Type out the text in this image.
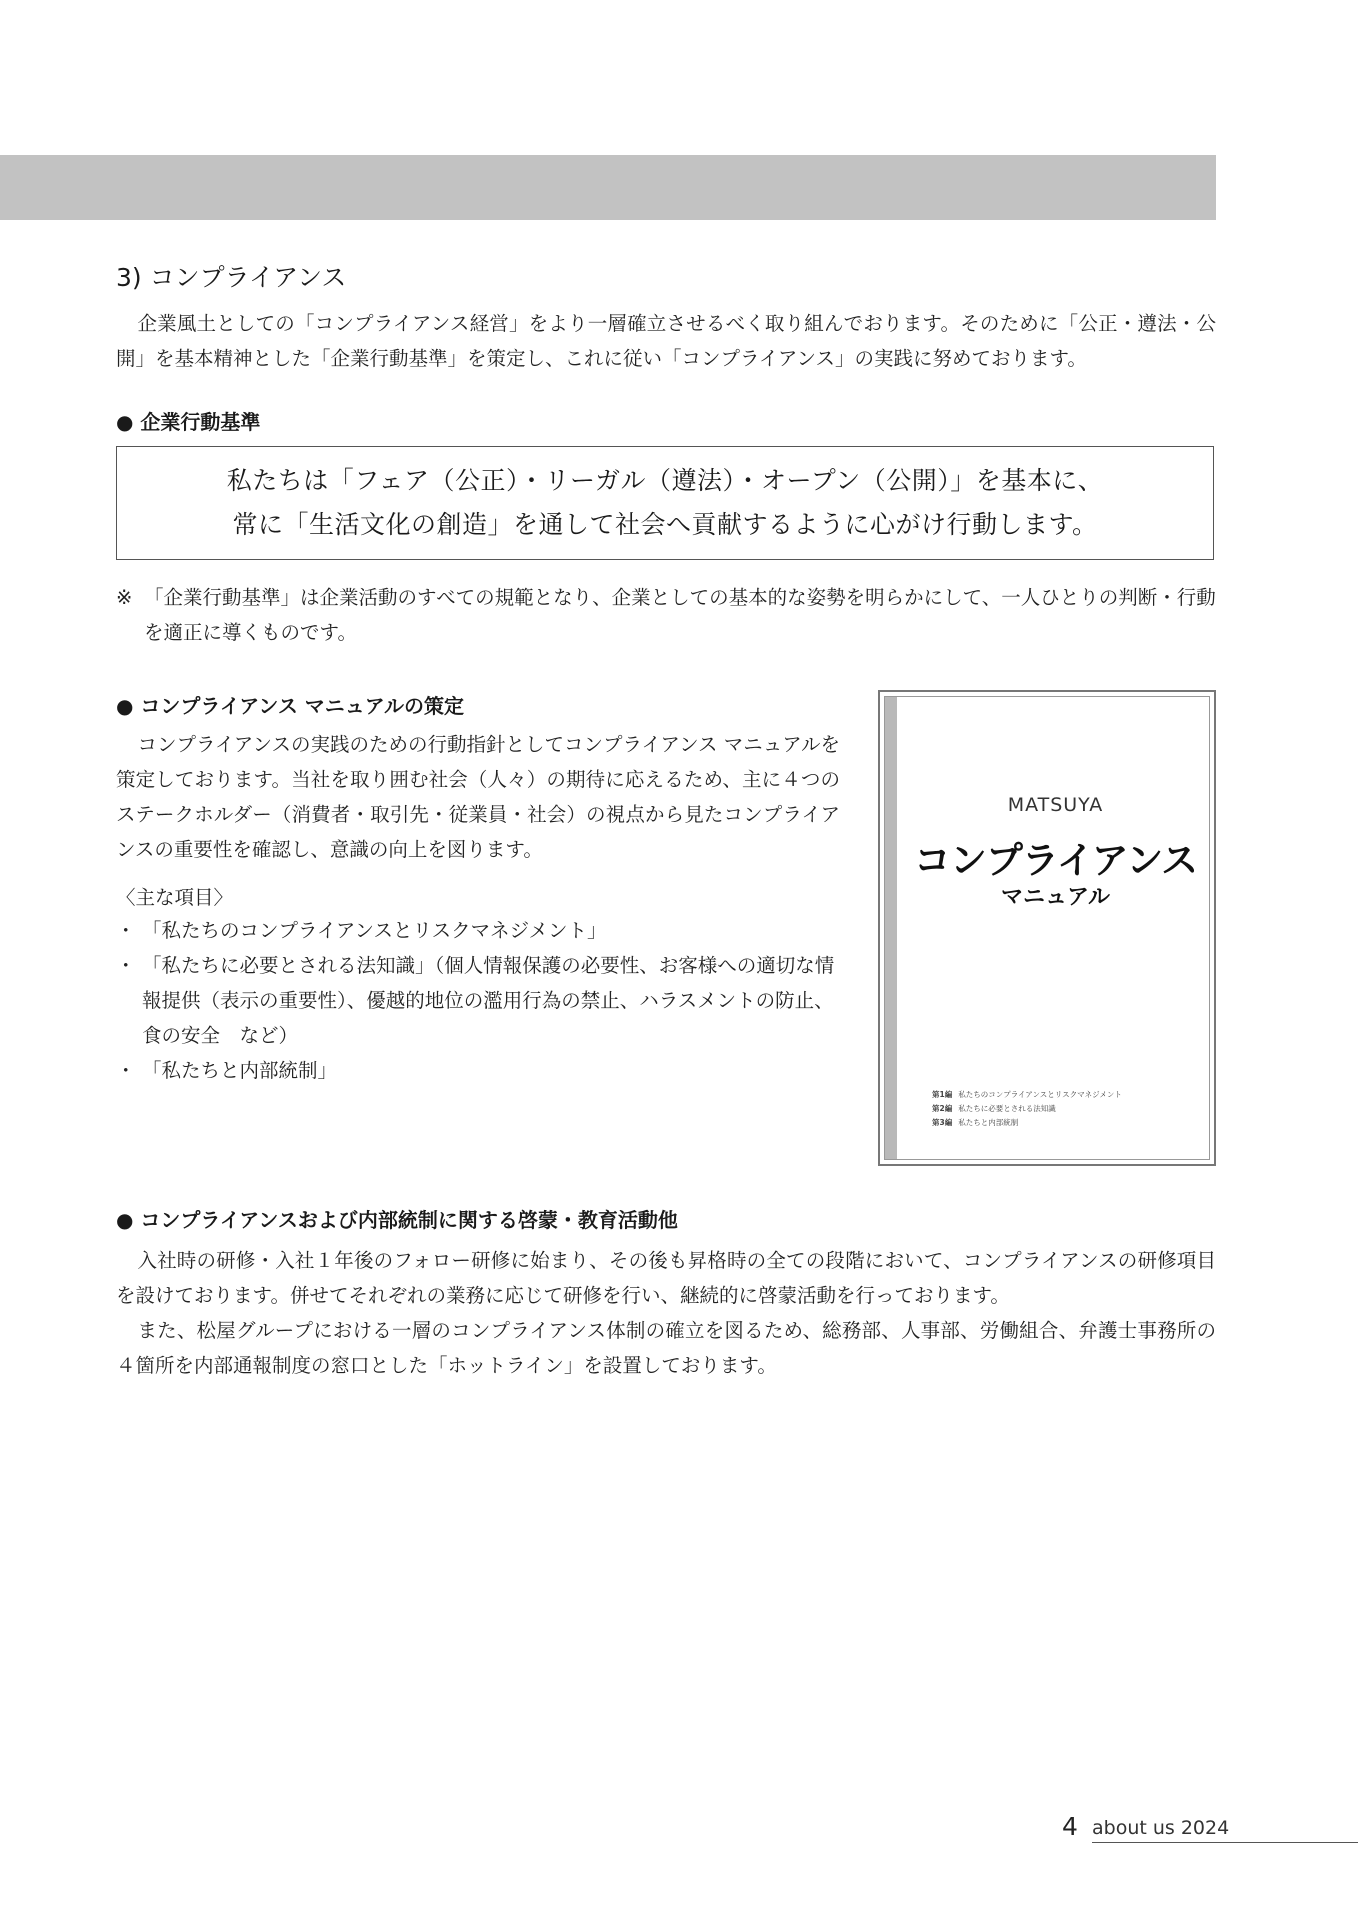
3) コンプライアンス

企業風土としての「コンプライアンス経営」をより一層確立させるべく取り組んでおります。そのために「公正・遵法・公開」を基本精神とした「企業行動基準」を策定し、これに従い「コンプライアンス」の実践に努めております。

● 企業行動基準
私たちは「フェア（公正）・リーガル（遵法）・オープン（公開）」を基本に、
常に「生活文化の創造」を通して社会へ貢献するように心がけ行動します。
※ 「企業行動基準」は企業活動のすべての規範となり、企業としての基本的な姿勢を明らかにして、一人ひとりの判断・行動を適正に導くものです。
● コンプライアンス マニュアルの策定

コンプライアンスの実践のための行動指針としてコンプライアンス マニュアルを策定しております。当社を取り囲む社会（人々）の期待に応えるため、主に４つのステークホルダー（消費者・取引先・従業員・社会）の視点から見たコンプライアンスの重要性を確認し、意識の向上を図ります。

〈主な項目〉
・ 「私たちのコンプライアンスとリスクマネジメント」
・ 「私たちに必要とされる法知識」（個人情報保護の必要性、お客様への適切な情報提供（表示の重要性）、優越的地位の濫用行為の禁止、ハラスメントの防止、食の安全　など）
・ 「私たちと内部統制」
MATSUYA
コンプライアンス
マニュアル
第1編 私たちのコンプライアンスとリスクマネジメント
第2編 私たちに必要とされる法知識
第3編 私たちと内部統制
● コンプライアンスおよび内部統制に関する啓蒙・教育活動他

入社時の研修・入社１年後のフォロー研修に始まり、その後も昇格時の全ての段階において、コンプライアンスの研修項目を設けております。併せてそれぞれの業務に応じて研修を行い、継続的に啓蒙活動を行っております。

また、松屋グループにおける一層のコンプライアンス体制の確立を図るため、総務部、人事部、労働組合、弁護士事務所の４箇所を内部通報制度の窓口とした「ホットライン」を設置しております。

4 about us 2024
